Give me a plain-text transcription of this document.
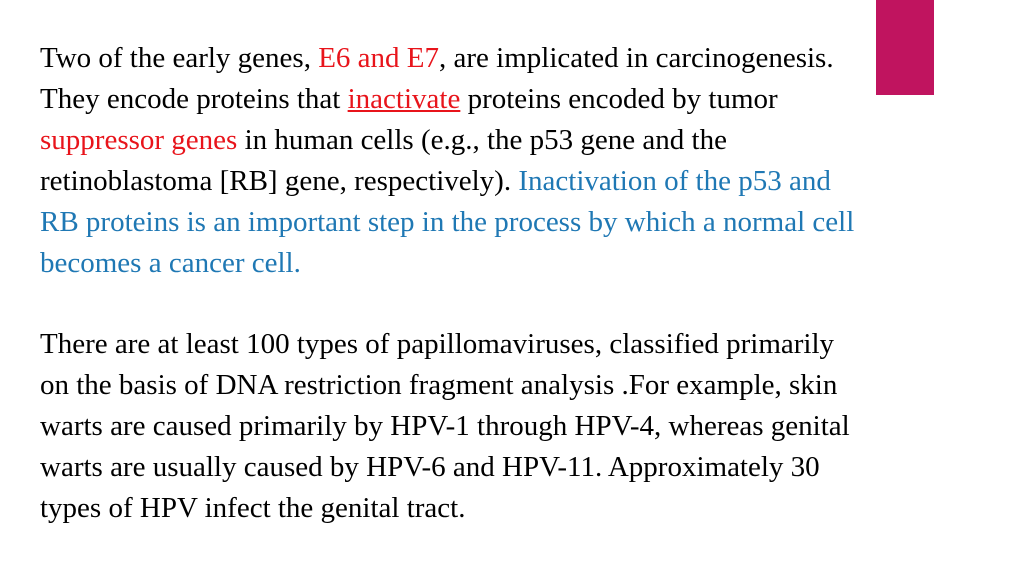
Two of the early genes, E6 and E7, are implicated in carcinogenesis.
They encode proteins that inactivate proteins encoded by tumor
suppressor genes in human cells (e.g., the p53 gene and the
retinoblastoma [RB] gene, respectively). Inactivation of the p53 and
RB proteins is an important step in the process by which a normal cell
becomes a cancer cell.
There are at least 100 types of papillomaviruses, classified primarily
on the basis of DNA restriction fragment analysis .For example, skin
warts are caused primarily by HPV-1 through HPV-4, whereas genital
warts are usually caused by HPV-6 and HPV-11. Approximately 30
types of HPV infect the genital tract.
